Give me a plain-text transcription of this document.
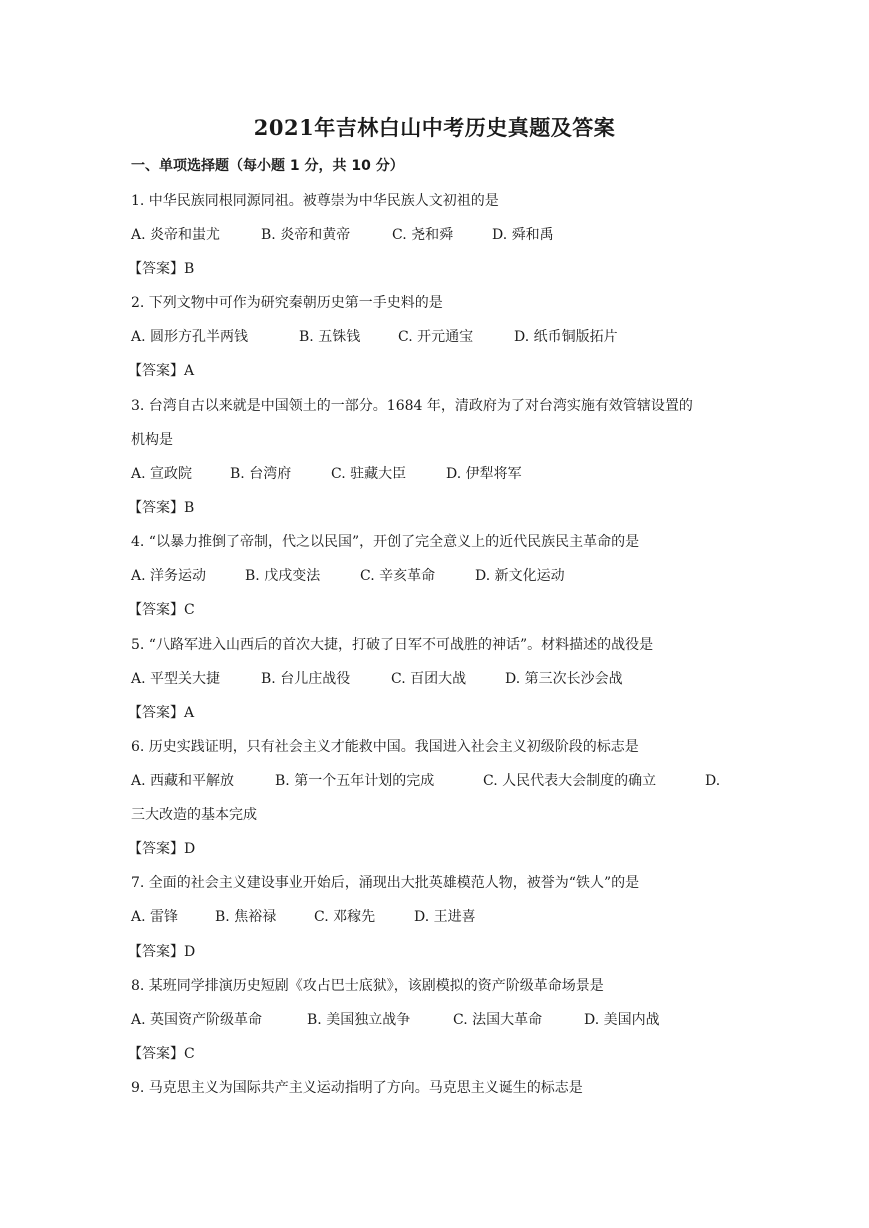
2021年吉林白山中考历史真题及答案
一、单项选择题（每小题 1 分，共 10 分）
1. 中华民族同根同源同祖。被尊崇为中华民族人文初祖的是
A. 炎帝和蚩尤	B. 炎帝和黄帝	C. 尧和舜	D. 舜和禹
【答案】B
2. 下列文物中可作为研究秦朝历史第一手史料的是
A. 圆形方孔半两钱	B. 五铢钱	C. 开元通宝	D. 纸币铜版拓片
【答案】A
3. 台湾自古以来就是中国领土的一部分。1684 年，清政府为了对台湾实施有效管辖设置的
机构是
A. 宣政院	B. 台湾府	C. 驻藏大臣	D. 伊犁将军
【答案】B
4. “以暴力推倒了帝制，代之以民国”，开创了完全意义上的近代民族民主革命的是
A. 洋务运动	B. 戊戌变法	C. 辛亥革命	D. 新文化运动
【答案】C
5. “八路军进入山西后的首次大捷，打破了日军不可战胜的神话”。材料描述的战役是
A. 平型关大捷	B. 台儿庄战役	C. 百团大战	D. 第三次长沙会战
【答案】A
6. 历史实践证明，只有社会主义才能救中国。我国进入社会主义初级阶段的标志是
A. 西藏和平解放	B. 第一个五年计划的完成	C. 人民代表大会制度的确立	D.
三大改造的基本完成
【答案】D
7. 全面的社会主义建设事业开始后，涌现出大批英雄模范人物，被誉为“铁人”的是
A. 雷锋	B. 焦裕禄	C. 邓稼先	D. 王进喜
【答案】D
8. 某班同学排演历史短剧《攻占巴士底狱》，该剧模拟的资产阶级革命场景是
A. 英国资产阶级革命	B. 美国独立战争	C. 法国大革命	D. 美国内战
【答案】C
9. 马克思主义为国际共产主义运动指明了方向。马克思主义诞生的标志是
